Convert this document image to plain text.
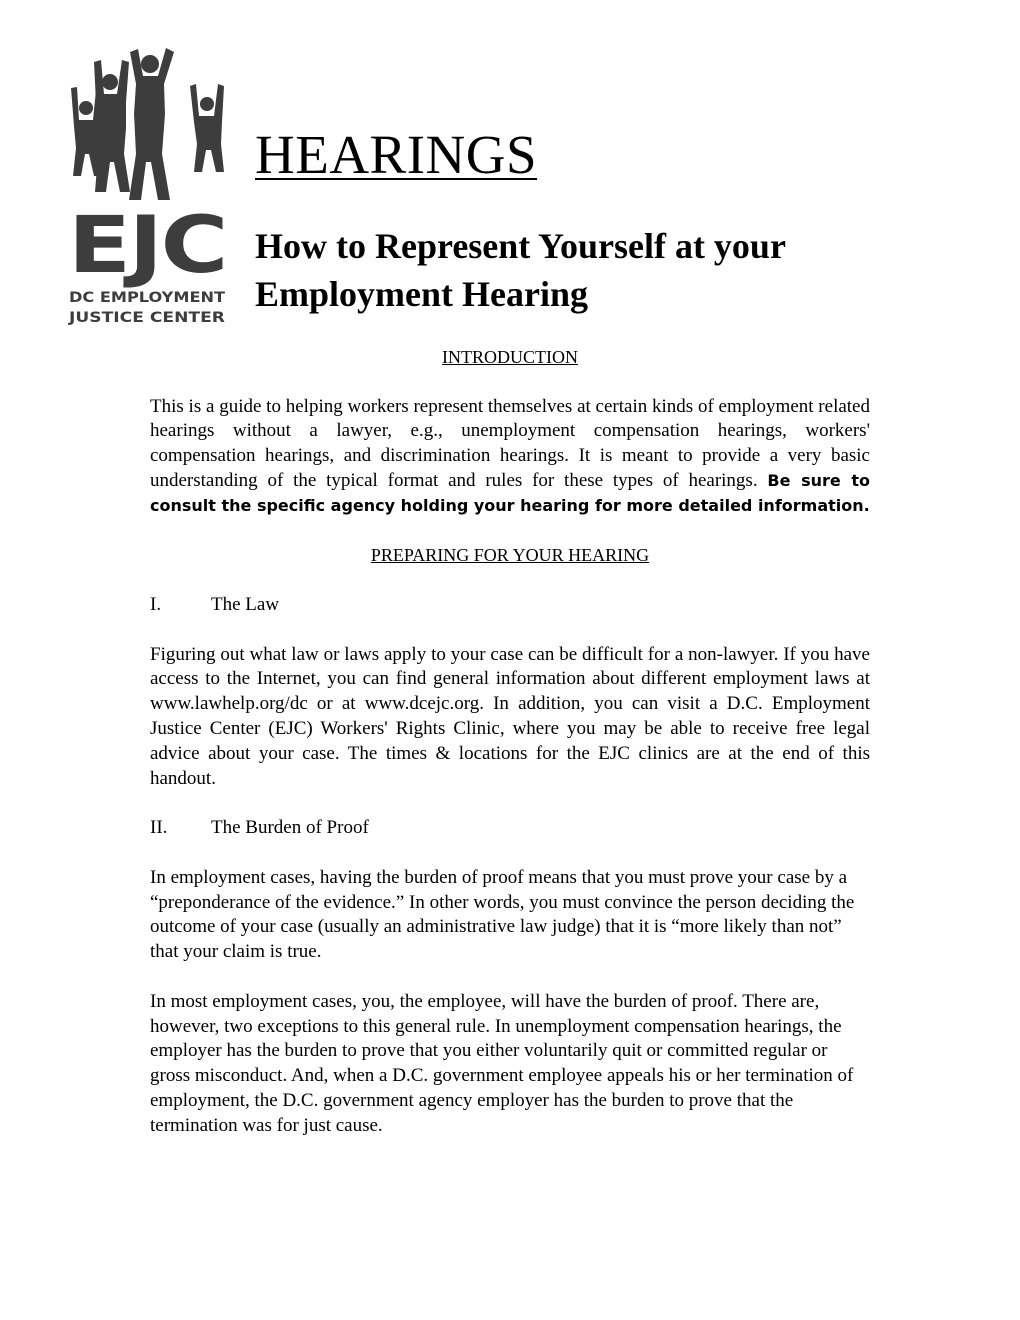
EJC
DC EMPLOYMENT
JUSTICE CENTER
HEARINGS
How to Represent Yourself at your Employment Hearing
INTRODUCTION

This is a guide to helping workers represent themselves at certain kinds of employment related hearings without a lawyer, e.g., unemployment compensation hearings, workers' compensation hearings, and discrimination hearings. It is meant to provide a very basic understanding of the typical format and rules for these types of hearings. Be sure to consult the specific agency holding your hearing for more detailed information.

PREPARING FOR YOUR HEARING
I.	The Law

Figuring out what law or laws apply to your case can be difficult for a non-lawyer. If you have access to the Internet, you can find general information about different employment laws at www.lawhelp.org/dc or at www.dcejc.org. In addition, you can visit a D.C. Employment Justice Center (EJC) Workers' Rights Clinic, where you may be able to receive free legal advice about your case. The times & locations for the EJC clinics are at the end of this handout.

II.	The Burden of Proof

In employment cases, having the burden of proof means that you must prove your case by a “preponderance of the evidence.” In other words, you must convince the person deciding the outcome of your case (usually an administrative law judge) that it is “more likely than not” that your claim is true.

In most employment cases, you, the employee, will have the burden of proof. There are, however, two exceptions to this general rule. In unemployment compensation hearings, the employer has the burden to prove that you either voluntarily quit or committed regular or gross misconduct. And, when a D.C. government employee appeals his or her termination of employment, the D.C. government agency employer has the burden to prove that the termination was for just cause.
